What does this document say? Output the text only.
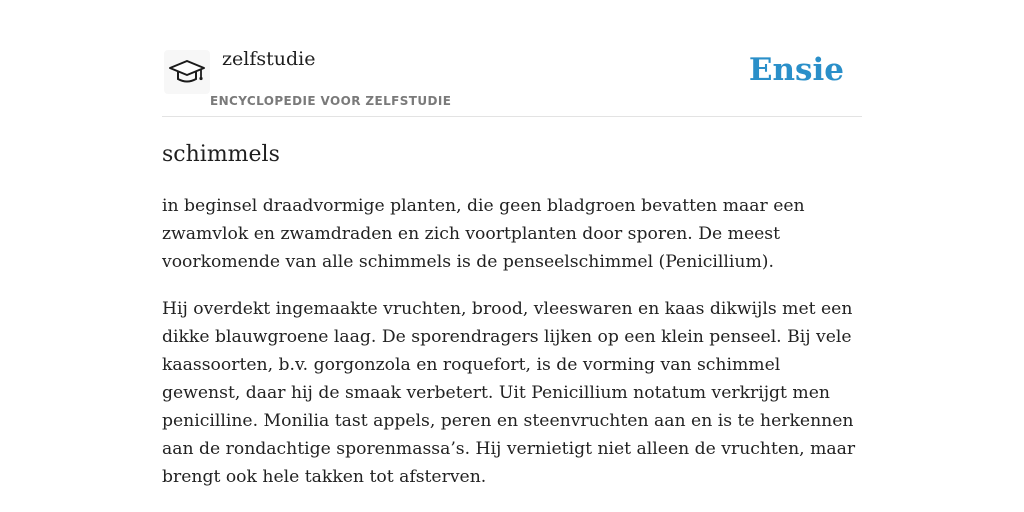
zelfstudie
ENCYCLOPEDIE VOOR ZELFSTUDIE
Ensie
schimmels

in beginsel draadvormige planten, die geen bladgroen bevatten maar een zwamvlok en zwamdraden en zich voortplanten door sporen. De meest voorkomende van alle schimmels is de penseelschimmel (Penicillium).

Hij overdekt ingemaakte vruchten, brood, vleeswaren en kaas dikwijls met een dikke blauwgroene laag. De sporendragers lijken op een klein penseel. Bij vele kaassoorten, b.v. gorgonzola en roquefort, is de vorming van schimmel gewenst, daar hij de smaak verbetert. Uit Penicillium notatum verkrijgt men penicilline. Monilia tast appels, peren en steenvruchten aan en is te herkennen aan de rondachtige sporenmassa’s. Hij vernietigt niet alleen de vruchten, maar brengt ook hele takken tot afsterven.
